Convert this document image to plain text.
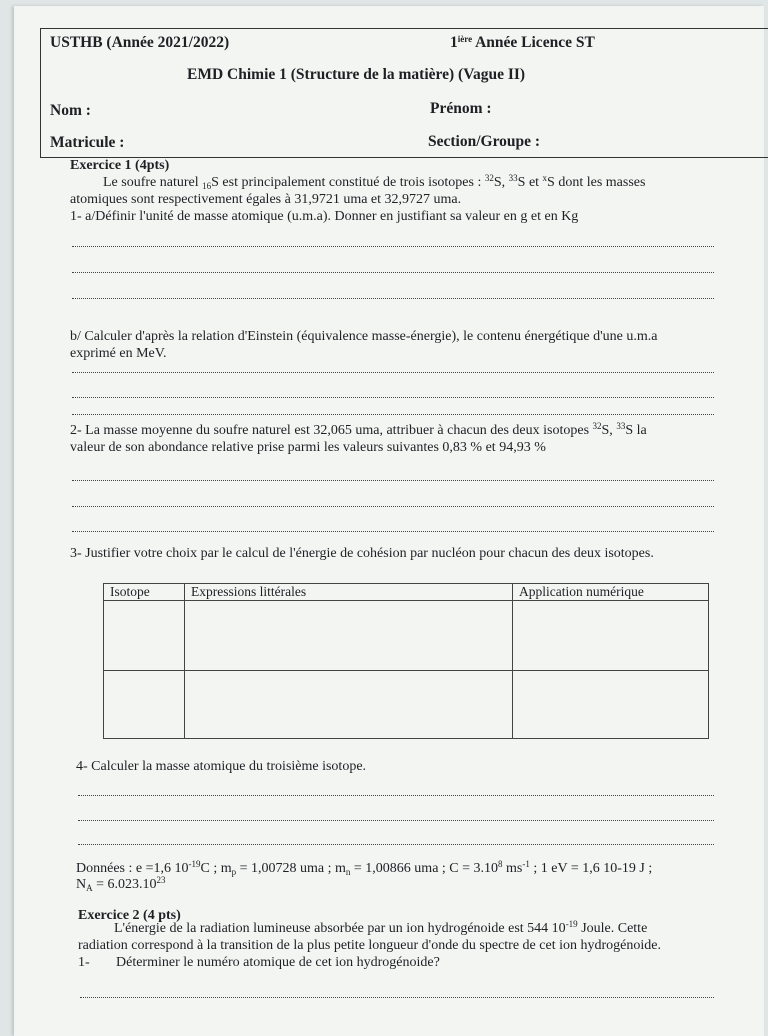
USTHB (Année 2021/2022)	$1^{ière}$ Année Licence ST
EMD Chimie 1 (Structure de la matière) (Vague II)
Nom :	Prénom :
Matricule :	Section/Groupe :
Exercice 1 (4pts)
Le soufre naturel $_{16}$S est principalement constitué de trois isotopes : $^{32}$S, $^{33}$S et $^x$S dont les masses
atomiques sont respectivement égales à 31,9721 uma et 32,9727 uma.
1- a/Définir l'unité de masse atomique (u.m.a). Donner en justifiant sa valeur en g et en Kg
b/ Calculer d'après la relation d'Einstein (équivalence masse-énergie), le contenu énergétique d'une u.m.a
exprimé en MeV.
2- La masse moyenne du soufre naturel est 32,065 uma, attribuer à chacun des deux isotopes $^{32}$S, $^{33}$S la
valeur de son abondance relative prise parmi les valeurs suivantes 0,83 % et 94,93 %
3- Justifier votre choix par le calcul de l'énergie de cohésion par nucléon pour chacun des deux isotopes.
Isotope	Expressions littérales	Application numérique

4- Calculer la masse atomique du troisième isotope.
Données : e =1,6 $10^{-19}C$ ; $m_p = 1,00728$ uma ; $m_n = 1,00866$ uma ; $C = 3.10^8$ $ms^{-1}$ ; 1 eV = 1,6 10-19 J ;
$N_A = 6.023.10^{23}$
Exercice 2 (4 pts)
L'énergie de la radiation lumineuse absorbée par un ion hydrogénoide est 544 $10^{-19}$ Joule. Cette
radiation correspond à la transition de la plus petite longueur d'onde du spectre de cet ion hydrogénoide.
1- Déterminer le numéro atomique de cet ion hydrogénoide?
